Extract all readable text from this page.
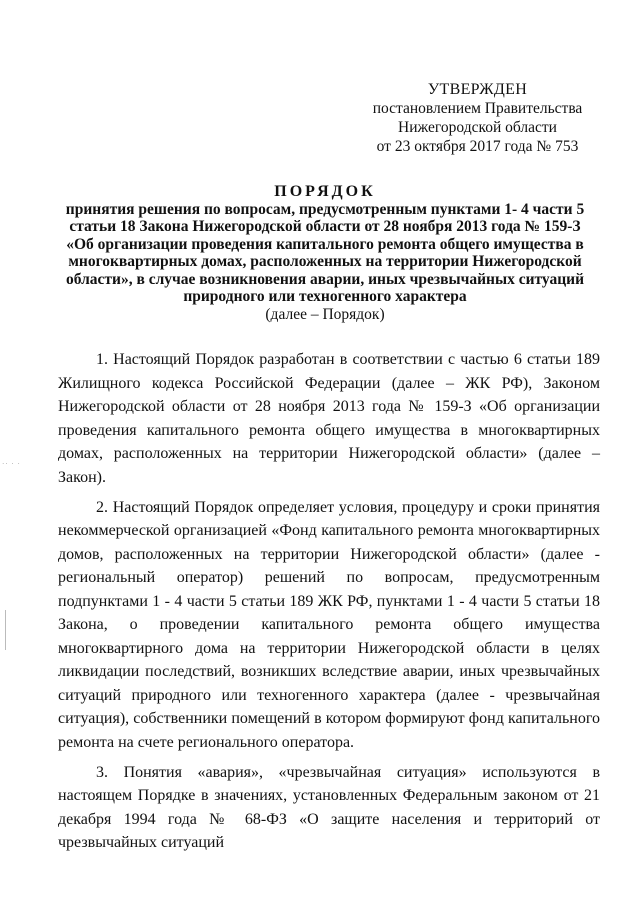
УТВЕРЖДЕН
постановлением Правительства
Нижегородской области
от 23 октября 2017 года № 753
ПОРЯДОК
принятия решения по вопросам, предусмотренным пунктами 1- 4 части 5
статьи 18 Закона Нижегородской области от 28 ноября 2013 года № 159-З
«Об организации проведения капитального ремонта общего имущества в
многоквартирных домах, расположенных на территории Нижегородской
области», в случае возникновения аварии, иных чрезвычайных ситуаций
природного или техногенного характера
(далее – Порядок)
·· · ·

1. Настоящий Порядок разработан в соответствии с частью 6 статьи 189 Жилищного кодекса Российской Федерации (далее – ЖК РФ), Законом Нижегородской области от 28 ноября 2013 года № 159-З «Об организации проведения капитального ремонта общего имущества в многоквартирных домах, расположенных на территории Нижегородской области» (далее – Закон).

2. Настоящий Порядок определяет условия, процедуру и сроки принятия некоммерческой организацией «Фонд капитального ремонта многоквартирных домов, расположенных на территории Нижегородской области» (далее - региональный оператор) решений по вопросам, предусмотренным подпунктами 1 - 4 части 5 статьи 189 ЖК РФ, пунктами 1 - 4 части 5 статьи 18 Закона, о проведении капитального ремонта общего имущества многоквартирного дома на территории Нижегородской области в целях ликвидации последствий, возникших вследствие аварии, иных чрезвычайных ситуаций природного или техногенного характера (далее - чрезвычайная ситуация), собственники помещений в котором формируют фонд капитального ремонта на счете регионального оператора.

3. Понятия «авария», «чрезвычайная ситуация» используются в настоящем Порядке в значениях, установленных Федеральным законом от 21 декабря 1994 года № 68-ФЗ «О защите населения и территорий от чрезвычайных ситуаций
